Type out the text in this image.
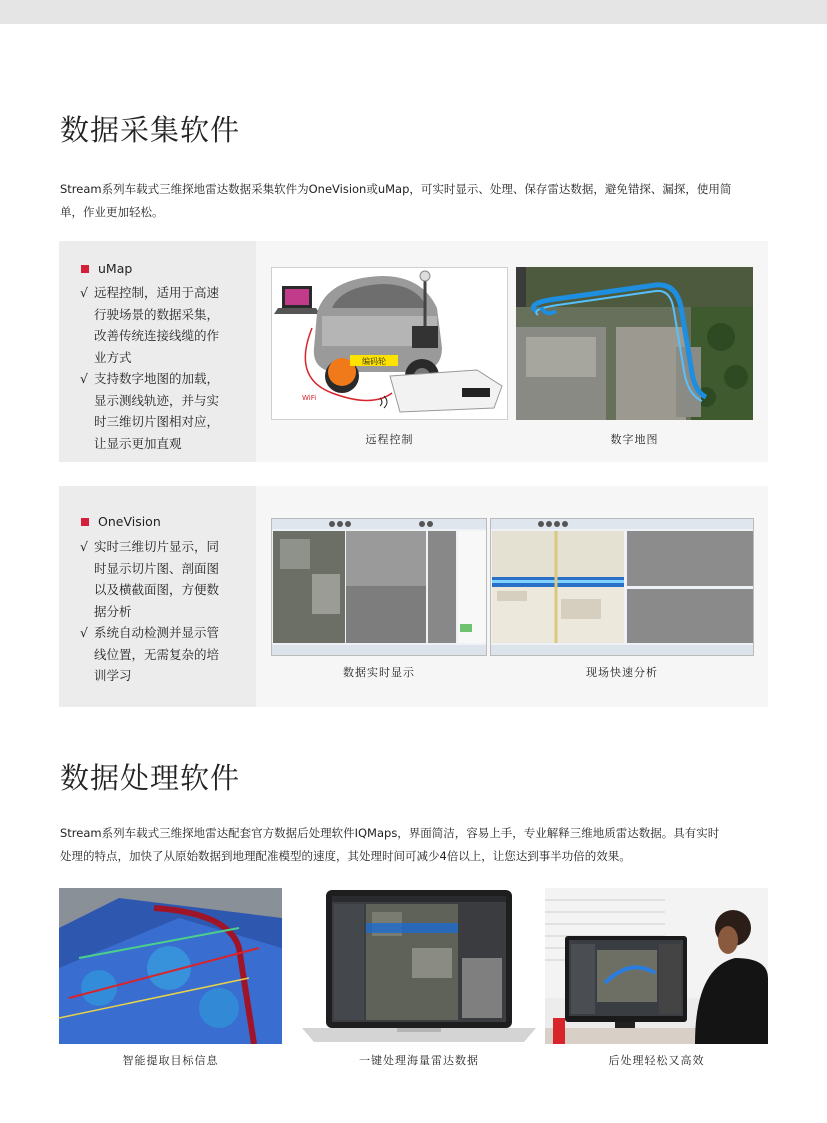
数据采集软件
Stream系列车载式三维探地雷达数据采集软件为OneVision或uMap，可实时显示、处理、保存雷达数据，避免错探、漏探，使用简
单，作业更加轻松。
uMap
√ 远程控制，适用于高速
行驶场景的数据采集，
改善传统连接线缆的作
业方式
√ 支持数字地图的加载，
显示测线轨迹，并与实
时三维切片图相对应，
让显示更加直观
编码轮
WiFi
远程控制	数字地图
OneVision
√ 实时三维切片显示，同
时显示切片图、剖面图
以及横截面图，方便数
据分析
√ 系统自动检测并显示管
线位置，无需复杂的培
训学习	数据实时显示	现场快速分析
数据处理软件
Stream系列车载式三维探地雷达配套官方数据后处理软件IQMaps，界面简洁，容易上手，专业解释三维地质雷达数据。具有实时
处理的特点，加快了从原始数据到地理配准模型的速度，其处理时间可减少4倍以上，让您达到事半功倍的效果。
智能提取目标信息	一键处理海量雷达数据	后处理轻松又高效
